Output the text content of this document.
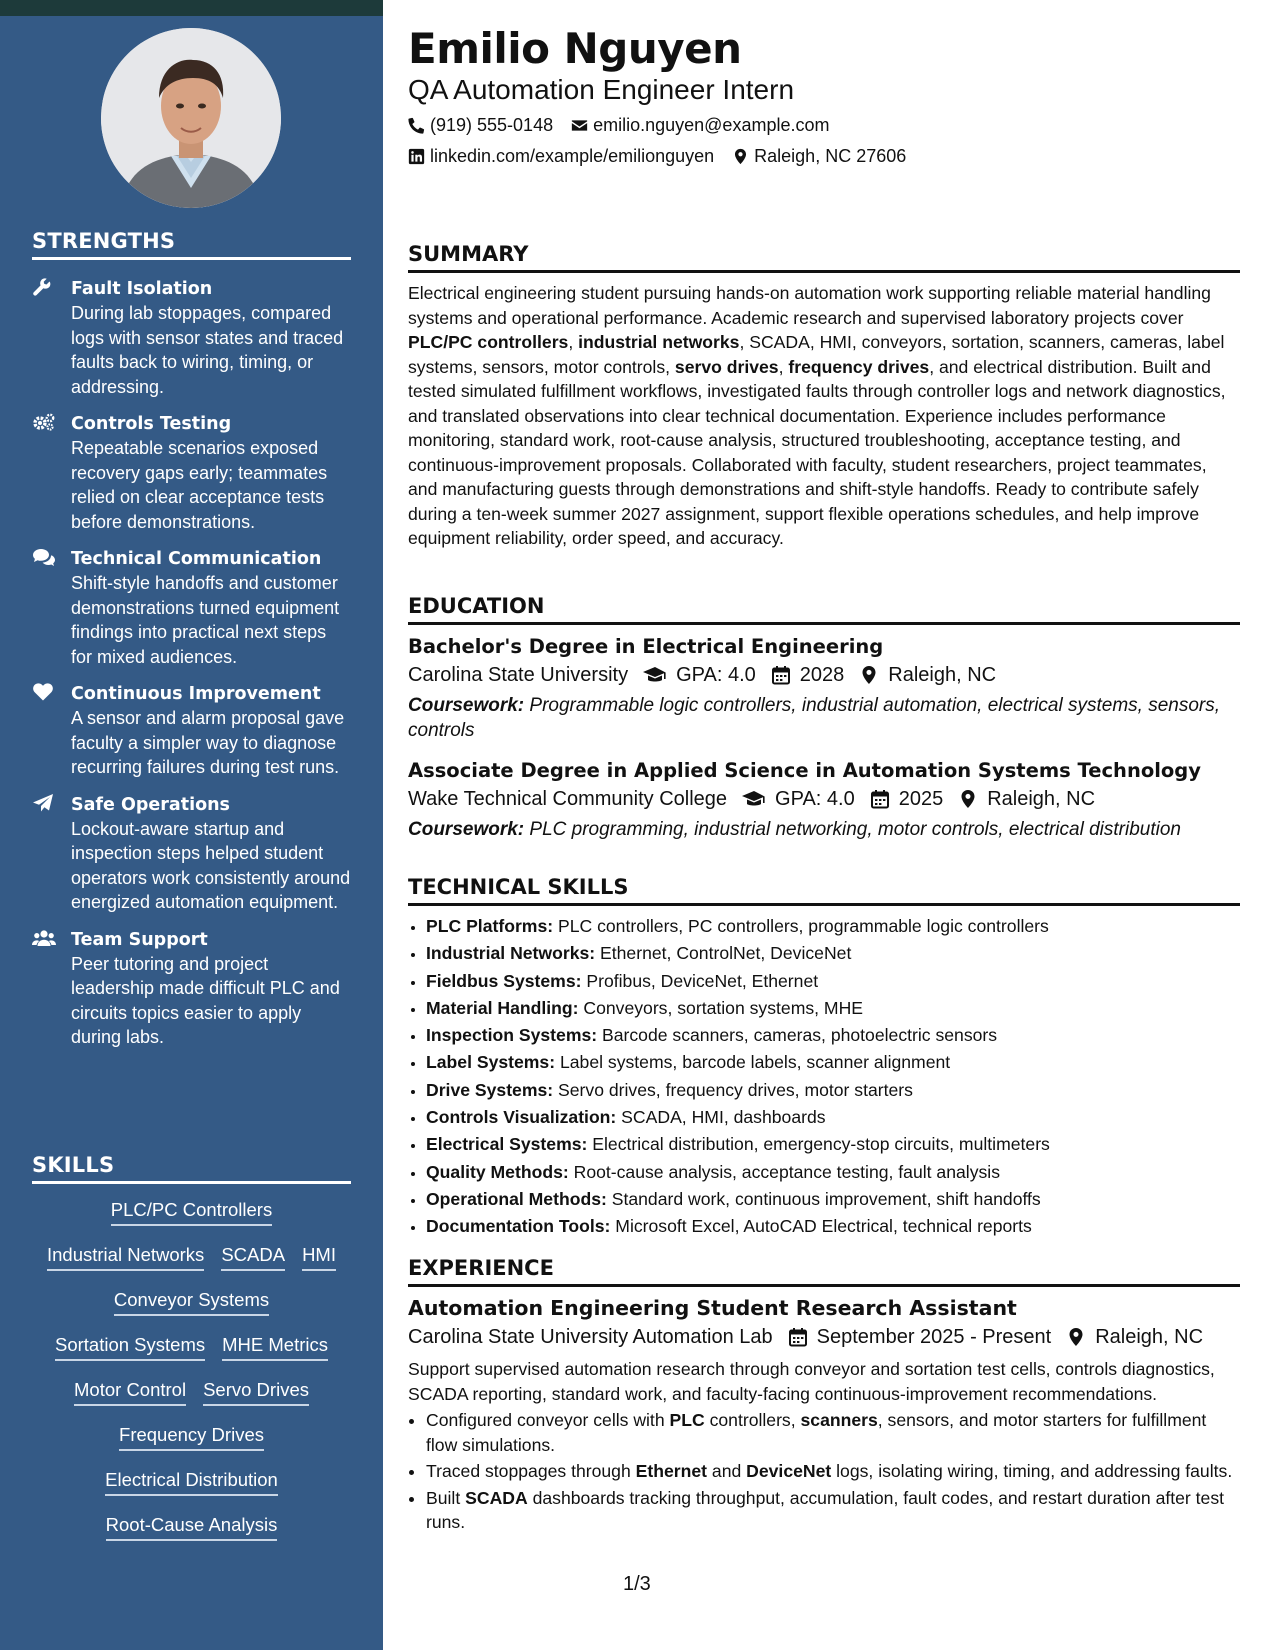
STRENGTHS
Fault Isolation
During lab stoppages, compared logs with sensor states and traced faults back to wiring, timing, or addressing.
Controls Testing
Repeatable scenarios exposed recovery gaps early; teammates relied on clear acceptance tests before demonstrations.
Technical Communication
Shift-style handoffs and customer demonstrations turned equipment findings into practical next steps for mixed audiences.
Continuous Improvement
A sensor and alarm proposal gave faculty a simpler way to diagnose recurring failures during test runs.
Safe Operations
Lockout-aware startup and inspection steps helped student operators work consistently around energized automation equipment.
Team Support
Peer tutoring and project leadership made difficult PLC and circuits topics easier to apply during labs.
SKILLS
PLC/PC Controllers
Industrial Networks SCADA HMI
Conveyor Systems
Sortation Systems MHE Metrics
Motor Control Servo Drives
Frequency Drives
Electrical Distribution
Root-Cause Analysis
Emilio Nguyen
QA Automation Engineer Intern
(919) 555-0148 emilio.nguyen@example.com
linkedin.com/example/emilionguyen Raleigh, NC 27606
SUMMARY

Electrical engineering student pursuing hands-on automation work supporting reliable material handling systems and operational performance. Academic research and supervised laboratory projects cover PLC/PC controllers, industrial networks, SCADA, HMI, conveyors, sortation, scanners, cameras, label systems, sensors, motor controls, servo drives, frequency drives, and electrical distribution. Built and tested simulated fulfillment workflows, investigated faults through controller logs and network diagnostics, and translated observations into clear technical documentation. Experience includes performance monitoring, standard work, root-cause analysis, structured troubleshooting, acceptance testing, and continuous-improvement proposals. Collaborated with faculty, student researchers, project teammates, and manufacturing guests through demonstrations and shift-style handoffs. Ready to contribute safely during a ten-week summer 2027 assignment, support flexible operations schedules, and help improve equipment reliability, order speed, and accuracy.

EDUCATION
Bachelor's Degree in Electrical Engineering
Carolina State University GPA: 4.0 2028 Raleigh, NC
Coursework: Programmable logic controllers, industrial automation, electrical systems, sensors, controls
Associate Degree in Applied Science in Automation Systems Technology
Wake Technical Community College GPA: 4.0 2025 Raleigh, NC
Coursework: PLC programming, industrial networking, motor controls, electrical distribution
TECHNICAL SKILLS
• PLC Platforms: PLC controllers, PC controllers, programmable logic controllers
• Industrial Networks: Ethernet, ControlNet, DeviceNet
• Fieldbus Systems: Profibus, DeviceNet, Ethernet
• Material Handling: Conveyors, sortation systems, MHE
• Inspection Systems: Barcode scanners, cameras, photoelectric sensors
• Label Systems: Label systems, barcode labels, scanner alignment
• Drive Systems: Servo drives, frequency drives, motor starters
• Controls Visualization: SCADA, HMI, dashboards
• Electrical Systems: Electrical distribution, emergency-stop circuits, multimeters
• Quality Methods: Root-cause analysis, acceptance testing, fault analysis
• Operational Methods: Standard work, continuous improvement, shift handoffs
• Documentation Tools: Microsoft Excel, AutoCAD Electrical, technical reports
EXPERIENCE
Automation Engineering Student Research Assistant
Carolina State University Automation Lab September 2025 - Present Raleigh, NC
Support supervised automation research through conveyor and sortation test cells, controls diagnostics, SCADA reporting, standard work, and faculty-facing continuous-improvement recommendations.
• Configured conveyor cells with PLC controllers, scanners, sensors, and motor starters for fulfillment flow simulations.
• Traced stoppages through Ethernet and DeviceNet logs, isolating wiring, timing, and addressing faults.
• Built SCADA dashboards tracking throughput, accumulation, fault codes, and restart duration after test runs.
1/3
